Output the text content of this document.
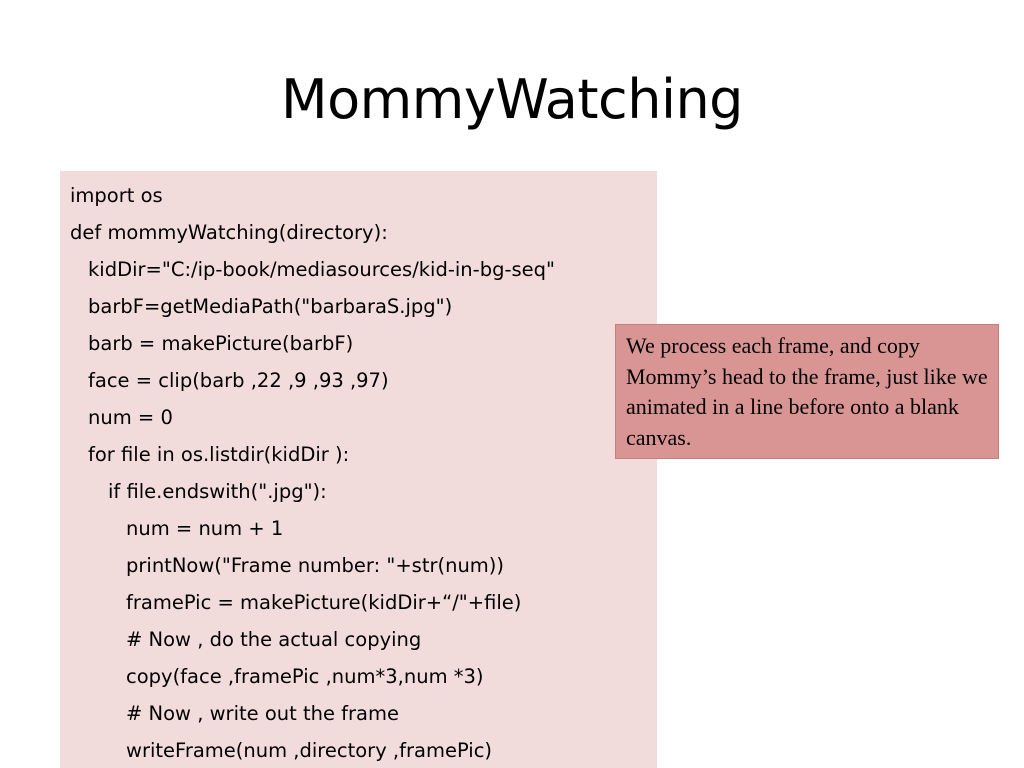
MommyWatching
import os
def mommyWatching(directory):
kidDir="C:/ip-book/mediasources/kid-in-bg-seq"
barbF=getMediaPath("barbaraS.jpg")
barb = makePicture(barbF)
face = clip(barb ,22 ,9 ,93 ,97)
num = 0
for file in os.listdir(kidDir ):
if file.endswith(".jpg"):
num = num + 1
printNow("Frame number: "+str(num))
framePic = makePicture(kidDir+“/"+file)
# Now , do the actual copying
copy(face ,framePic ,num*3,num *3)
# Now , write out the frame
writeFrame(num ,directory ,framePic)
We process each frame, and copy Mommy’s head to the frame, just like we animated in a line before onto a blank canvas.
